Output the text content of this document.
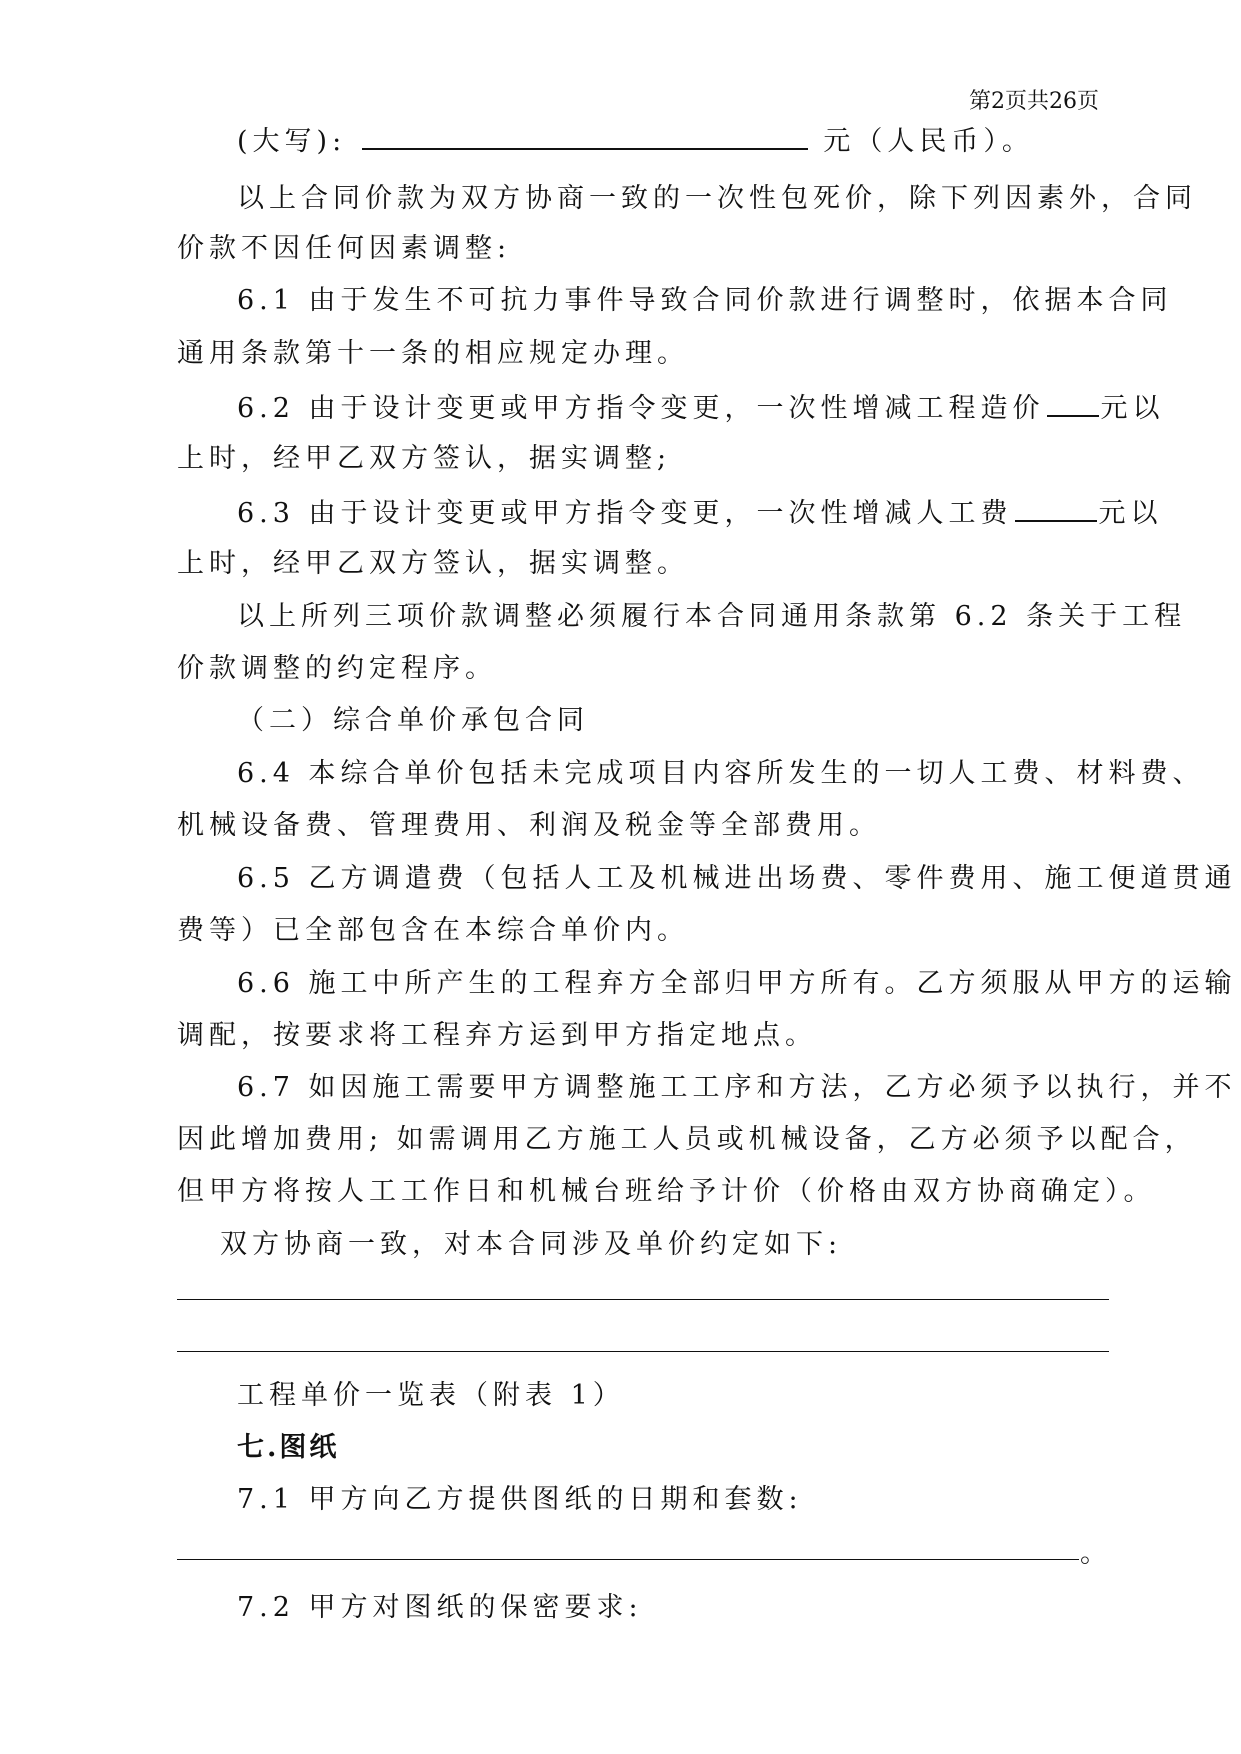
第2页共26页
(大写):	元（人民币）。
以上合同价款为双方协商一致的一次性包死价，除下列因素外，合同
价款不因任何因素调整:
6.1 由于发生不可抗力事件导致合同价款进行调整时，依据本合同
通用条款第十一条的相应规定办理。
6.2 由于设计变更或甲方指令变更，一次性增减工程造价 元以
上时，经甲乙双方签认，据实调整;
6.3 由于设计变更或甲方指令变更，一次性增减人工费	元以
上时，经甲乙双方签认，据实调整。
以上所列三项价款调整必须履行本合同通用条款第 6.2 条关于工程
价款调整的约定程序。
（二）综合单价承包合同
6.4 本综合单价包括未完成项目内容所发生的一切人工费、材料费、
机械设备费、管理费用、利润及税金等全部费用。
6.5 乙方调遣费（包括人工及机械进出场费、零件费用、施工便道贯通
费等）已全部包含在本综合单价内。
6.6 施工中所产生的工程弃方全部归甲方所有。乙方须服从甲方的运输
调配，按要求将工程弃方运到甲方指定地点。
6.7 如因施工需要甲方调整施工工序和方法，乙方必须予以执行，并不
因此增加费用; 如需调用乙方施工人员或机械设备，乙方必须予以配合，
但甲方将按人工工作日和机械台班给予计价（价格由双方协商确定）。
双方协商一致，对本合同涉及单价约定如下:
工程单价一览表（附表 1）
七.图纸
7.1 甲方向乙方提供图纸的日期和套数:
。
7.2 甲方对图纸的保密要求:
